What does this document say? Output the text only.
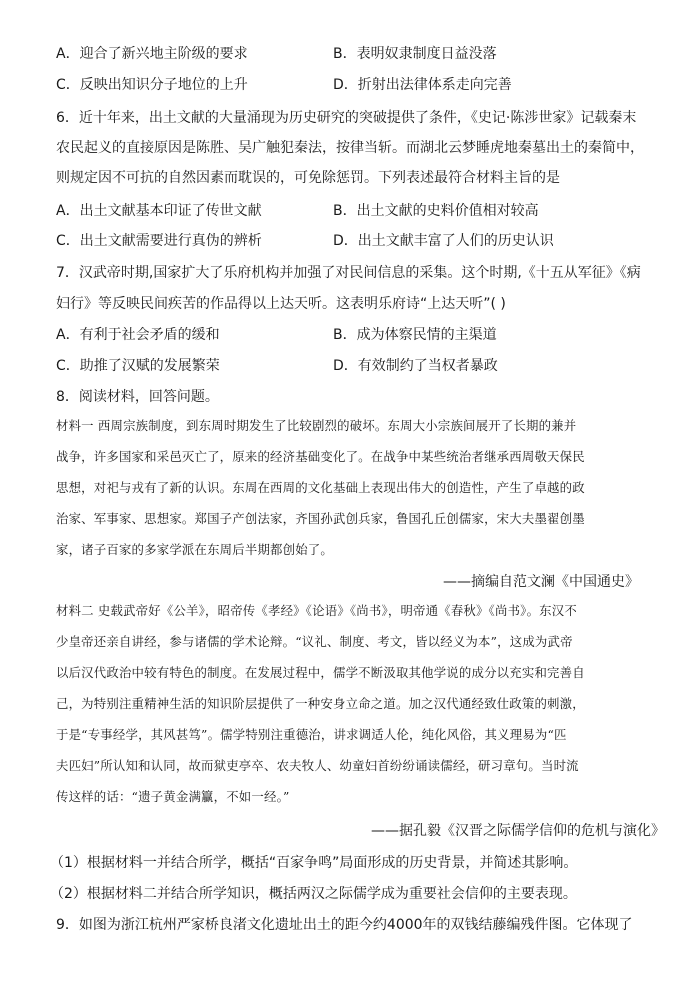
A．迎合了新兴地主阶级的要求	B．表明奴隶制度日益没落
C．反映出知识分子地位的上升	D．折射出法律体系走向完善
6．近十年来，出土文献的大量涌现为历史研究的突破提供了条件，《史记·陈涉世家》记载秦末
农民起义的直接原因是陈胜、吴广触犯秦法，按律当斩。而湖北云梦睡虎地秦墓出土的秦简中，
则规定因不可抗的自然因素而耽误的，可免除惩罚。下列表述最符合材料主旨的是
A．出土文献基本印证了传世文献	B．出土文献的史料价值相对较高
C．出土文献需要进行真伪的辨析	D．出土文献丰富了人们的历史认识
7．汉武帝时期,国家扩大了乐府机构并加强了对民间信息的采集。这个时期,《十五从军征》《病
妇行》等反映民间疾苦的作品得以上达天听。这表明乐府诗“上达天听”( )
A．有利于社会矛盾的缓和	B．成为体察民情的主渠道
C．助推了汉赋的发展繁荣	D．有效制约了当权者暴政
8．阅读材料，回答问题。
材料一 西周宗族制度，到东周时期发生了比较剧烈的破坏。东周大小宗族间展开了长期的兼并
战争，许多国家和采邑灭亡了，原来的经济基础变化了。在战争中某些统治者继承西周敬天保民
思想，对祀与戎有了新的认识。东周在西周的文化基础上表现出伟大的创造性，产生了卓越的政
治家、军事家、思想家。郑国子产创法家，齐国孙武创兵家，鲁国孔丘创儒家，宋大夫墨翟创墨
家，诸子百家的多家学派在东周后半期都创始了。
——摘编自范文澜《中国通史》
材料二 史载武帝好《公羊》，昭帝传《孝经》《论语》《尚书》，明帝通《春秋》《尚书》。东汉不
少皇帝还亲自讲经，参与诸儒的学术论辩。“议礼、制度、考文，皆以经义为本”，这成为武帝
以后汉代政治中较有特色的制度。在发展过程中，儒学不断汲取其他学说的成分以充实和完善自
己，为特别注重精神生活的知识阶层提供了一种安身立命之道。加之汉代通经致仕政策的刺激，
于是“专事经学，其风甚笃”。儒学特别注重德治，讲求调适人伦，纯化风俗，其义理易为“匹
夫匹妇”所认知和认同，故而狱吏亭卒、农夫牧人、幼童妇首纷纷诵读儒经，研习章句。当时流
传这样的话：“遗子黄金满籯，不如一经。”
——据孔毅《汉晋之际儒学信仰的危机与演化》
（1）根据材料一并结合所学，概括“百家争鸣”局面形成的历史背景，并简述其影响。
（2）根据材料二并结合所学知识，概括两汉之际儒学成为重要社会信仰的主要表现。
9．如图为浙江杭州严家桥良渚文化遗址出土的距今约4000年的双钱结藤编残件图。它体现了
